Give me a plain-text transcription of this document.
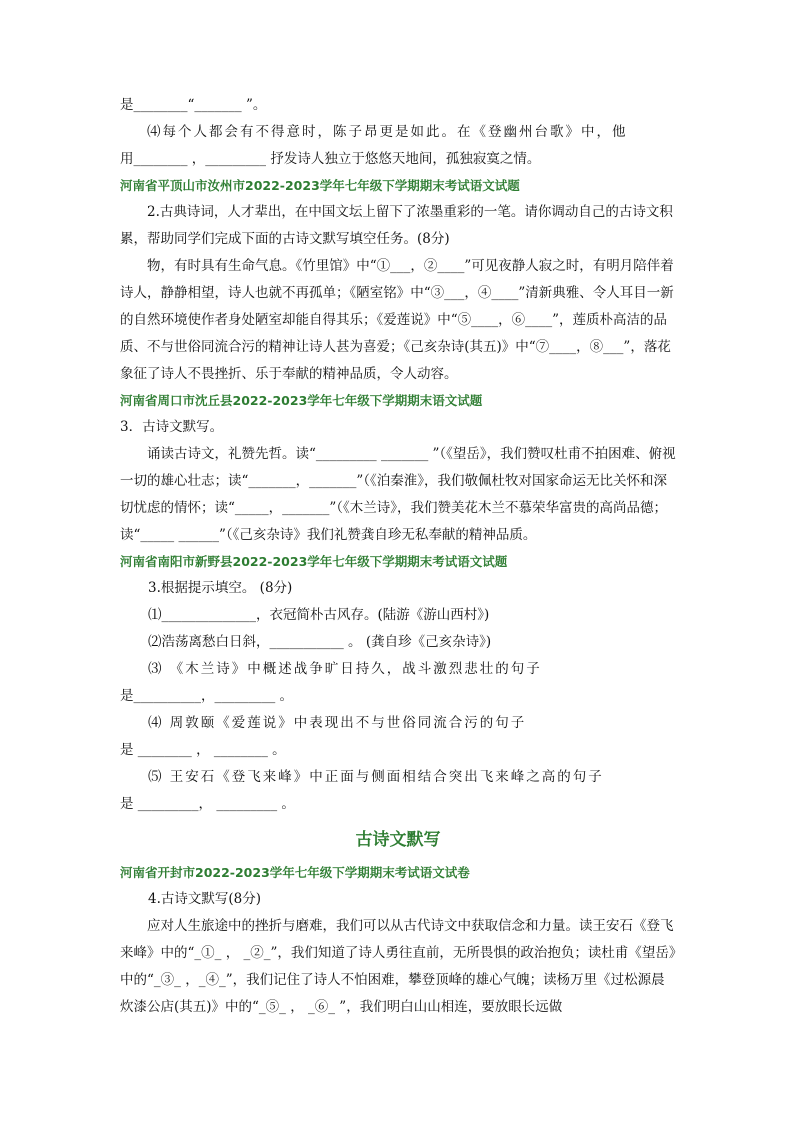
是________“_______ ”。

⑷每个人都会有不得意时，陈子昂更是如此。在《登幽州台歌》中，他

用________ ，_________ 抒发诗人独立于悠悠天地间，孤独寂寞之情。

河南省平顶山市汝州市2022-2023学年七年级下学期期末考试语文试题

2.古典诗词，人才辈出，在中国文坛上留下了浓墨重彩的一笔。请你调动自己的古诗文积累，帮助同学们完成下面的古诗文默写填空任务。(8分)

物，有时具有生命气息。《竹里馆》中“①___，②____”可见夜静人寂之时，有明月陪伴着诗人，静静相望，诗人也就不再孤单；《陋室铭》中“③___，④____”清新典雅、令人耳目一新的自然环境使作者身处陋室却能自得其乐；《爱莲说》中“⑤____，⑥____”，莲质朴高洁的品质、不与世俗同流合污的精神让诗人甚为喜爱；《己亥杂诗(其五)》中“⑦____，⑧___”，落花象征了诗人不畏挫折、乐于奉献的精神品质，令人动容。

河南省周口市沈丘县2022-2023学年七年级下学期期末语文试题

3．古诗文默写。

诵读古诗文，礼赞先哲。读“_________ _______ ”（《望岳》，我们赞叹杜甫不拍困难、俯视一切的雄心壮志；读“_______，_______”（《泊秦淮》，我们敬佩杜牧对国家命运无比关怀和深切忧虑的情怀；读“_____，_______”（《木兰诗》，我们赞美花木兰不慕荣华富贵的高尚品德；读“_____ ______”（《己亥杂诗》我们礼赞龚自珍无私奉献的精神品质。

河南省南阳市新野县2022-2023学年七年级下学期期末考试语文试题

3.根据提示填空。 (8分)

⑴______________，衣冠简朴古风存。(陆游《游山西村》)

⑵浩荡离愁白日斜，___________ 。 (龚自珍《己亥杂诗》)

⑶ 《木兰诗》中概述战争旷日持久，战斗激烈悲壮的句子

是__________，_________ 。

⑷ 周敦颐《爱莲说》中表现出不与世俗同流合污的句子

是 ________ ， ________ 。

⑸ 王安石《登飞来峰》中正面与侧面相结合突出飞来峰之高的句子

是 _________， _________ 。

古诗文默写

河南省开封市2022-2023学年七年级下学期期末考试语文试卷

4.古诗文默写(8分)

应对人生旅途中的挫折与磨难，我们可以从古代诗文中获取信念和力量。读王安石《登飞来峰》中的“_①_ ， _②_”，我们知道了诗人勇往直前，无所畏惧的政治抱负；读杜甫《望岳》中的“_③_ ，_④_”，我们记住了诗人不怕困难，攀登顶峰的雄心气魄；读杨万里《过松源晨炊漆公店(其五)》中的“_⑤_ ， _⑥_ ”，我们明白山山相连，要放眼长远做
